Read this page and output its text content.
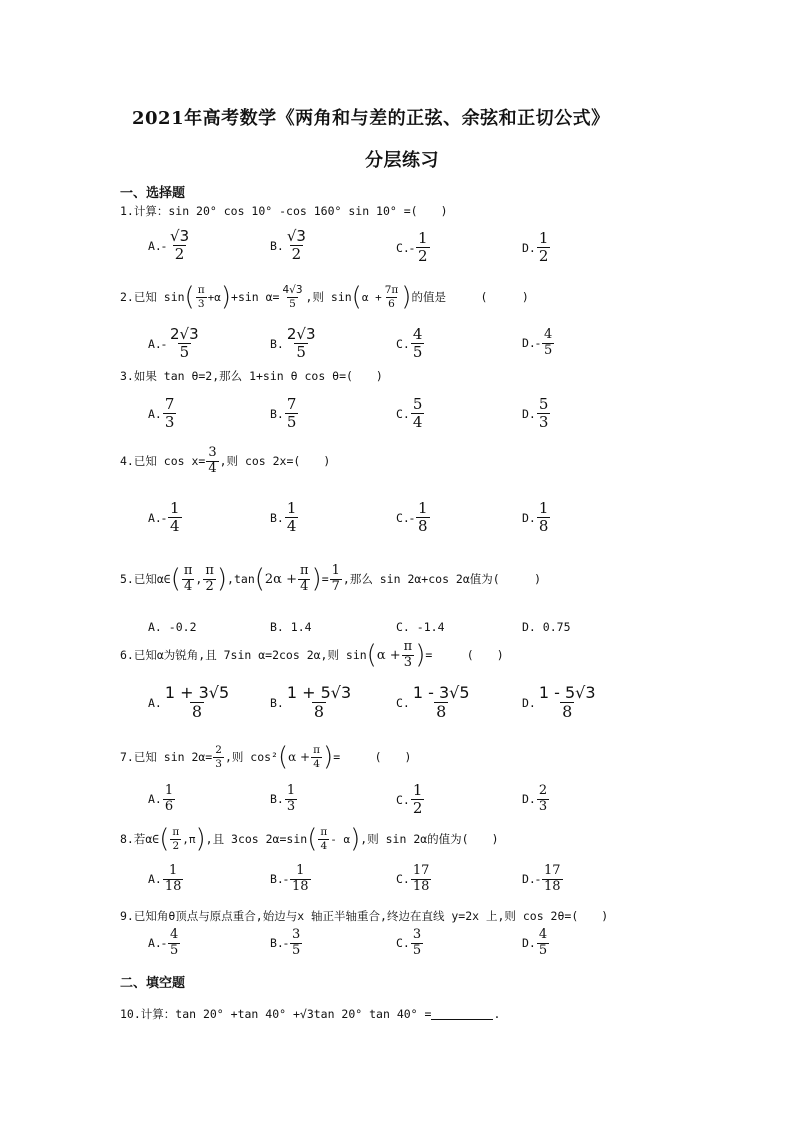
2021年高考数学《两角和与差的正弦、余弦和正切公式》
分层练习
一、选择题
1.计算：sin 20° cos 10° -cos 160° sin 10° =(　　)
A. - $\frac{√3}{2}$	B. $\frac{√3}{2}$	C. - $\frac{1}{2}$	D. $\frac{1}{2}$
2.已知 sin ( $\frac{\pi}{3} +\alpha$ ) +sin $\alpha= \frac{4√3}{5}$ ,则 sin ( $\alpha + \frac{7\pi}{6}$ ) 的值是　　　(　　　)
A. - $\frac{2√3}{5}$	B. $\frac{2√3}{5}$	C. $\frac{4}{5}$	D. - $\frac{4}{5}$
3.如果 tan θ=2,那么 1+sin θ cos θ=(　　)
A. $\frac{7}{3}$	B. $\frac{7}{5}$	C. $\frac{5}{4}$	D. $\frac{5}{3}$
4.已知 $\cos x= \frac{3}{4}$ ,则 cos 2x=(　　)
A. - $\frac{1}{4}$	B. $\frac{1}{4}$	C. - $\frac{1}{8}$	D. $\frac{1}{8}$
5.已知α∈ ( $\frac{\pi}{4}$ , $\frac{\pi}{2}$ ) ,tan ( $2\alpha + \frac{\pi}{4}$ ) = $\frac{1}{7}$ ,那么 sin 2α+cos 2α值为(　　　)
A.
-0.2	B.
1.4	C.
-1.4	D.
0.75
6.已知α为锐角,且 7sin α=2cos 2α,则 sin ( $\alpha + \frac{\pi}{3}$ ) =　　　(　　)
A. $\frac{1 + 3√5}{8}$	B. $\frac{1 + 5√3}{8}$	C. $\frac{1 - 3√5}{8}$	D. $\frac{1 - 5√3}{8}$
7.已知 $\sin 2\alpha= \frac{2}{3}$ ,则 cos² ( $\alpha + \frac{\pi}{4}$ ) =　　　(　　)
A. $\frac{1}{6}$	B. $\frac{1}{3}$	C. $\frac{1}{2}$	D. $\frac{2}{3}$
8.若α∈ ( $\frac{\pi}{2} ,\pi$ ) ,且 3cos 2α=sin ( $\frac{\pi}{4}$ - α ) ,则 sin 2α的值为(　　)
A. $\frac{1}{18}$	B. - $\frac{1}{18}$	C. $\frac{17}{18}$	D. - $\frac{17}{18}$
9.已知角θ顶点与原点重合,始边与x 轴正半轴重合,终边在直线 y=2x 上,则 cos 2θ=(　　)
A. - $\frac{4}{5}$	B. - $\frac{3}{5}$	C. $\frac{3}{5}$	D. $\frac{4}{5}$
二、填空题
10.计算：tan 20° +tan 40° +√3tan 20° tan 40° =	.
